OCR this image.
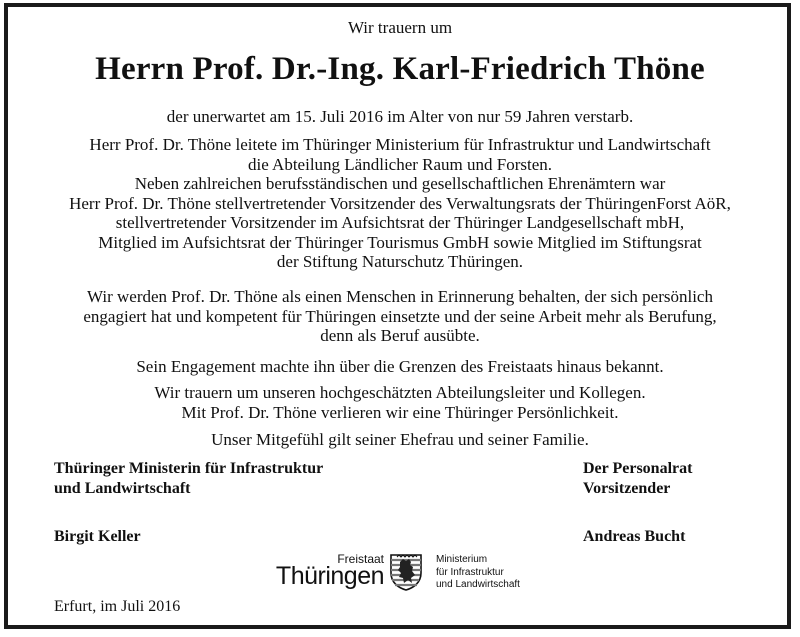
Wir trauern um
Herrn Prof. Dr.-Ing. Karl-Friedrich Thöne
der unerwartet am 15. Juli 2016 im Alter von nur 59 Jahren verstarb.
Herr Prof. Dr. Thöne leitete im Thüringer Ministerium für Infrastruktur und Landwirtschaft
die Abteilung Ländlicher Raum und Forsten.
Neben zahlreichen berufsständischen und gesellschaftlichen Ehrenämtern war
Herr Prof. Dr. Thöne stellvertretender Vorsitzender des Verwaltungsrats der ThüringenForst AöR,
stellvertretender Vorsitzender im Aufsichtsrat der Thüringer Landgesellschaft mbH,
Mitglied im Aufsichtsrat der Thüringer Tourismus GmbH sowie Mitglied im Stiftungsrat
der Stiftung Naturschutz Thüringen.
Wir werden Prof. Dr. Thöne als einen Menschen in Erinnerung behalten, der sich persönlich
engagiert hat und kompetent für Thüringen einsetzte und der seine Arbeit mehr als Berufung,
denn als Beruf ausübte.
Sein Engagement machte ihn über die Grenzen des Freistaats hinaus bekannt.
Wir trauern um unseren hochgeschätzten Abteilungsleiter und Kollegen.
Mit Prof. Dr. Thöne verlieren wir eine Thüringer Persönlichkeit.
Unser Mitgefühl gilt seiner Ehefrau und seiner Familie.
Thüringer Ministerin für Infrastruktur
und Landwirtschaft
Der Personalrat
Vorsitzender
Birgit Keller	Andreas Bucht
Freistaat
Thüringen
Ministerium
für Infrastruktur
und Landwirtschaft
Erfurt, im Juli 2016
